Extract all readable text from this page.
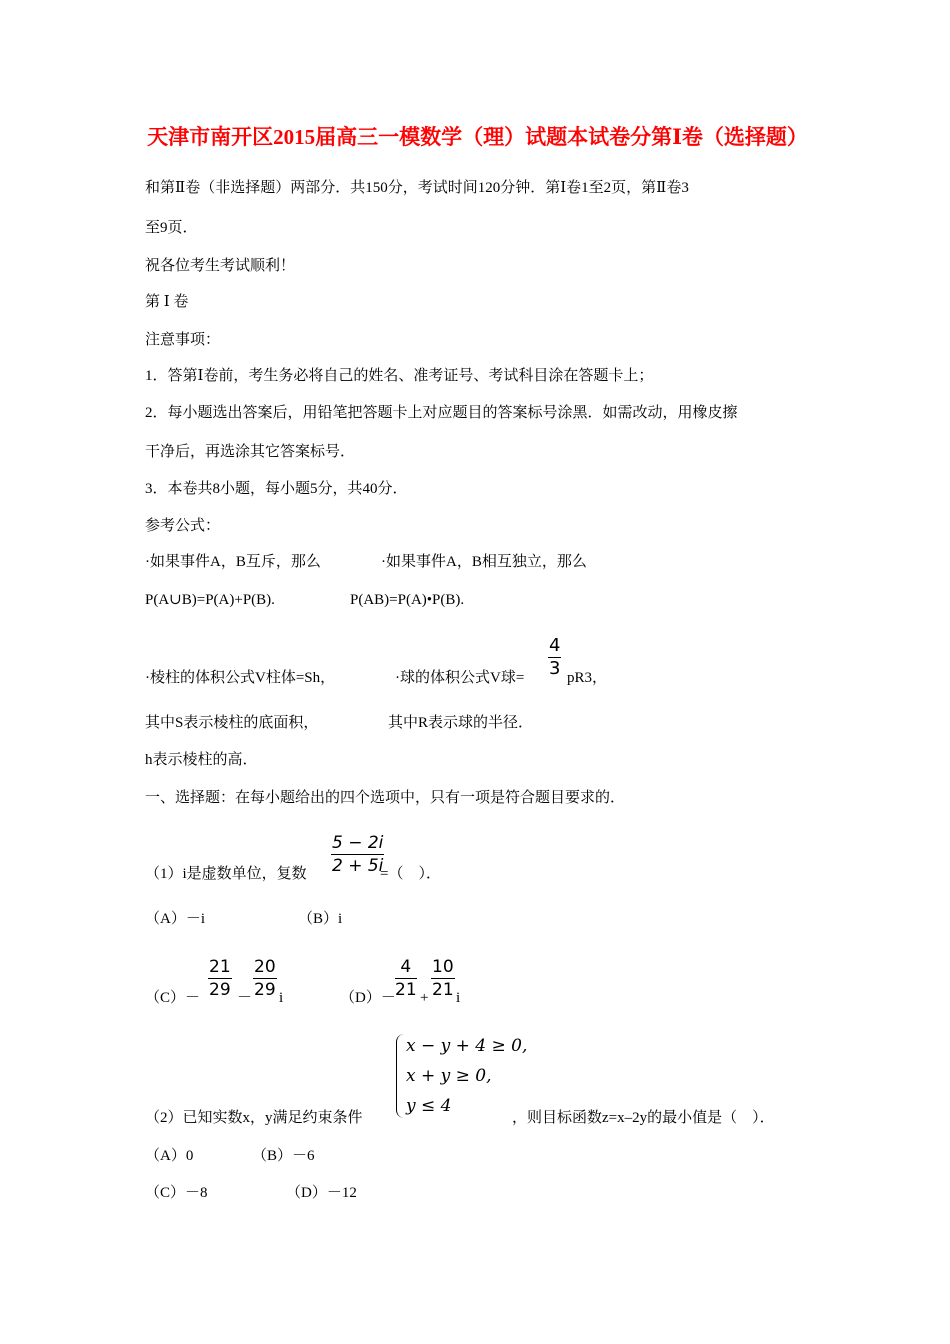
天津市南开区2015届高三一模数学（理）试题本试卷分第Ⅰ卷（选择题）
和第Ⅱ卷（非选择题）两部分．共150分，考试时间120分钟．第Ⅰ卷1至2页，第Ⅱ卷3
至9页．
祝各位考生考试顺利！
第 Ⅰ 卷
注意事项：
1．答第Ⅰ卷前，考生务必将自己的姓名、准考证号、考试科目涂在答题卡上；
2．每小题选出答案后，用铅笔把答题卡上对应题目的答案标号涂黑．如需改动，用橡皮擦
干净后，再选涂其它答案标号．
3．本卷共8小题，每小题5分，共40分．
参考公式：
·如果事件A，B互斥，那么	·如果事件A，B相互独立，那么
P(A∪B)=P(A)+P(B).	P(AB)=P(A)•P(B).
·棱柱的体积公式V柱体=Sh，	·球的体积公式V球= $\frac{4}{3} pR3$，
其中S表示棱柱的底面积，	其中R表示球的半径．
h表示棱柱的高．
一、选择题：在每小题给出的四个选项中，只有一项是符合题目要求的．
（1）i是虚数单位，复数 $\frac{5 - 2i}{2 + 5i}$
=（　）．
（A）－i	（B）i
$(C)- \frac{21}{29} - \frac{20}{29}$ i	$(D)- \frac{4}{21} + \frac{10}{21}$ i
x − y + 4 ≥ 0,
x + y ≥ 0,
y ≤ 4
（2）已知实数x，y满足约束条件	，则目标函数z=x–2y的最小值是（　）．
（A）0	（B）－6
（C）－8	（D）－12
